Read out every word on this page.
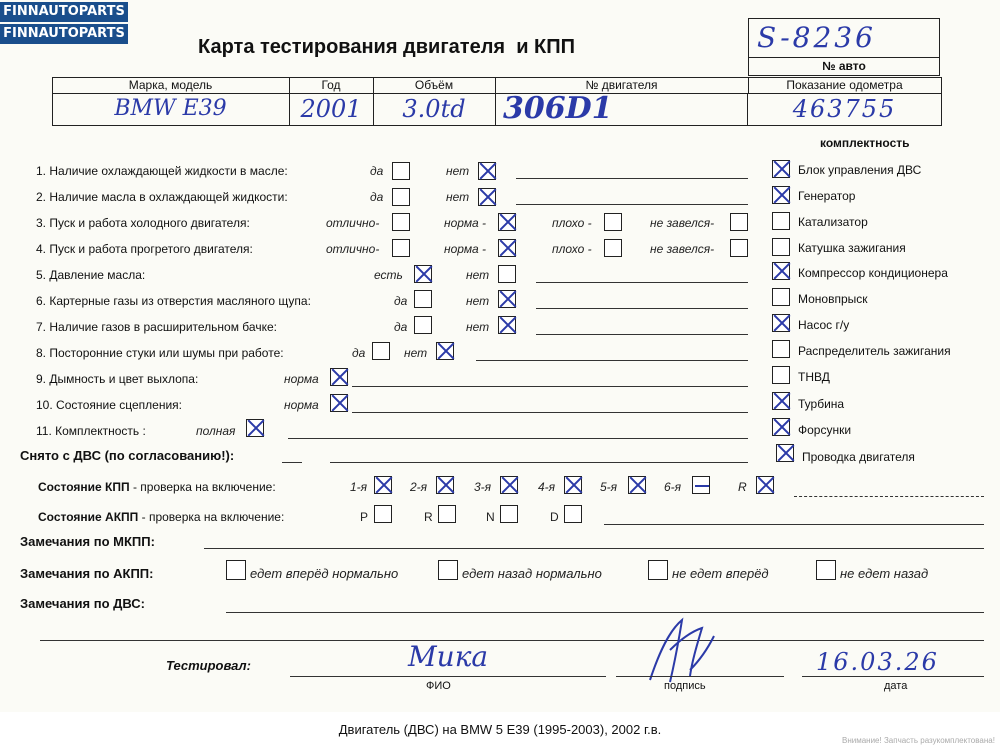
FINNAUTOPARTS
FINNAUTOPARTS
Карта тестирования двигателя  и КПП	S-8236
№ авто
Марка, модель	Год	Объём	№ двигателя	Показание одометра
BMW E39	2001	3.0td	306D1	463755
комплектность
1. Наличие охлаждающей жидкости в масле:	да	нет
2. Наличие масла в охлаждающей жидкости:	да	нет
3. Пуск и работа холодного двигателя:	отлично-	норма -	плохо -	не завелся-
4. Пуск и работа прогретого двигателя:	отлично-	норма -	плохо -	не завелся-
5. Давление масла:	есть	нет
6. Картерные газы из отверстия масляного щупа:	да	нет
7. Наличие газов в расширительном бачке:	да	нет
8. Посторонние стуки или шумы при работе:	да	нет
9. Дымность и цвет выхлопа:	норма
10. Состояние сцепления:	норма
11. Комплектность :	полная
Блок управления ДВС
Генератор
Катализатор
Катушка зажигания
Компрессор кондиционера
Моновпрыск
Насос г/у
Распределитель зажигания
ТНВД
Турбина
Форсунки
Проводка двигателя
Снято с ДВС (по согласованию!):
Состояние КПП - проверка на включение:	1-я	2-я	3-я	4-я	5-я	6-я	R
Состояние АКПП - проверка на включение:	P	R	N	D
Замечания по МКПП:
Замечания по АКПП:	едет вперёд нормально	едет назад нормально	не едет вперёд	не едет назад
Замечания по ДВС:
Тестировал:	Мика
ФИО	подпись
16.03.26
дата
Двигатель (ДВС) на BMW 5 E39 (1995-2003), 2002 г.в.
Внимание! Запчасть разукомплектована!
